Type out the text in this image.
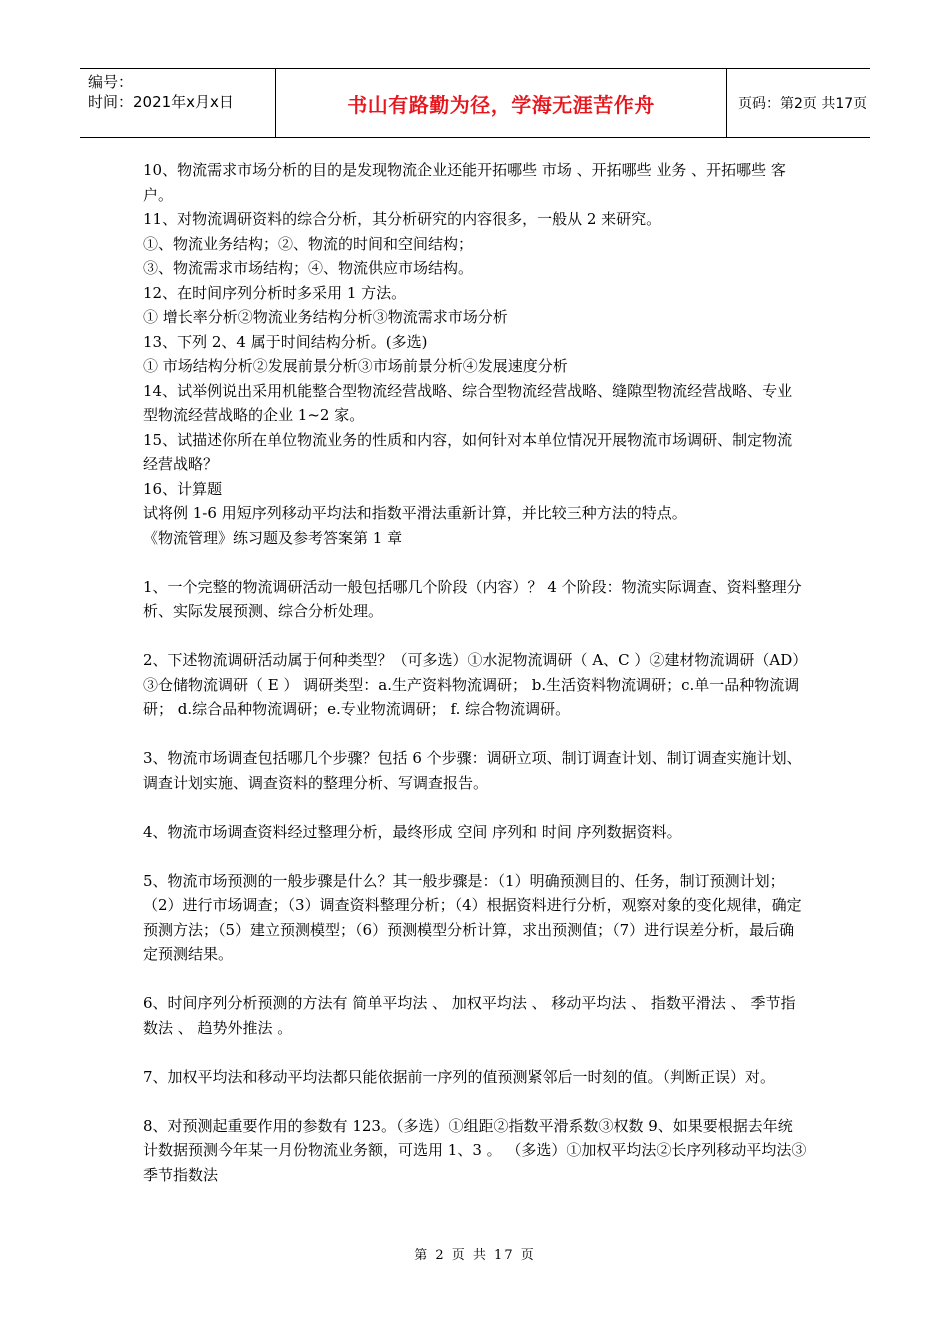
编号：
时间：2021年x月x日	书山有路勤为径，学海无涯苦作舟	页码：第2页 共17页

10、物流需求市场分析的目的是发现物流企业还能开拓哪些 市场 、开拓哪些 业务 、开拓哪些 客户。

11、对物流调研资料的综合分析，其分析研究的内容很多，一般从 2 来研究。

①、物流业务结构；②、物流的时间和空间结构；

③、物流需求市场结构；④、物流供应市场结构。

12、在时间序列分析时多采用 1 方法。

① 增长率分析②物流业务结构分析③物流需求市场分析

13、下列 2、4 属于时间结构分析。(多选)

① 市场结构分析②发展前景分析③市场前景分析④发展速度分析

14、试举例说出采用机能整合型物流经营战略、综合型物流经营战略、缝隙型物流经营战略、专业型物流经营战略的企业 1~2 家。

15、试描述你所在单位物流业务的性质和内容，如何针对本单位情况开展物流市场调研、制定物流经营战略？

16、计算题

试将例 1-6 用短序列移动平均法和指数平滑法重新计算，并比较三种方法的特点。

《物流管理》练习题及参考答案第 1 章

1、一个完整的物流调研活动一般包括哪几个阶段（内容）？ 4 个阶段：物流实际调查、资料整理分析、实际发展预测、综合分析处理。

2、下述物流调研活动属于何种类型？（可多选）①水泥物流调研（ A、C ）②建材物流调研（AD）③仓储物流调研（ E ） 调研类型：a.生产资料物流调研； b.生活资料物流调研；c.单一品种物流调研； d.综合品种物流调研；e.专业物流调研； f. 综合物流调研。

3、物流市场调查包括哪几个步骤？包括 6 个步骤：调研立项、制订调查计划、制订调查实施计划、调查计划实施、调查资料的整理分析、写调查报告。

4、物流市场调查资料经过整理分析，最终形成 空间 序列和 时间 序列数据资料。

5、物流市场预测的一般步骤是什么？其一般步骤是：（1）明确预测目的、任务，制订预测计划；（2）进行市场调查；（3）调查资料整理分析；（4）根据资料进行分析，观察对象的变化规律，确定预测方法；（5）建立预测模型；（6）预测模型分析计算，求出预测值；（7）进行误差分析，最后确定预测结果。

6、时间序列分析预测的方法有 简单平均法 、 加权平均法 、 移动平均法 、 指数平滑法 、 季节指数法 、 趋势外推法 。

7、加权平均法和移动平均法都只能依据前一序列的值预测紧邻后一时刻的值。（判断正误）对。

8、对预测起重要作用的参数有 123。（多选）①组距②指数平滑系数③权数 9、如果要根据去年统计数据预测今年某一月份物流业务额，可选用 1、3 。 （多选）①加权平均法②长序列移动平均法③ 季节指数法

第 2 页 共 17 页
